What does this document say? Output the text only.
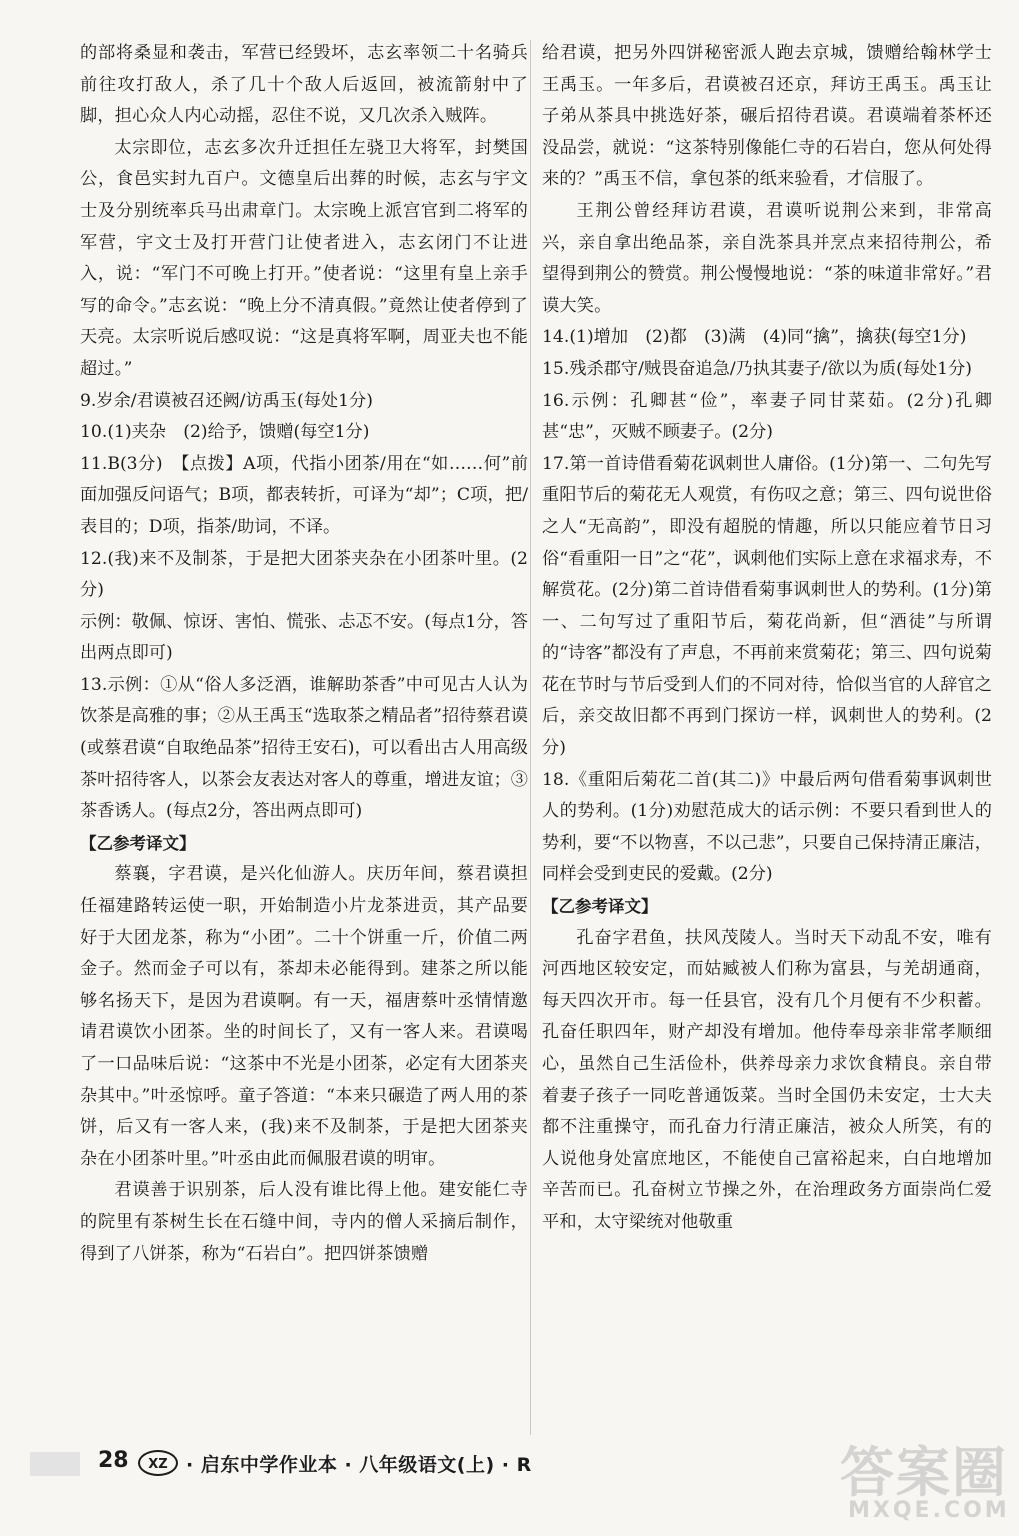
的部将桑显和袭击，军营已经毁坏，志玄率领二十名骑兵前往攻打敌人，杀了几十个敌人后返回，被流箭射中了脚，担心众人内心动摇，忍住不说，又几次杀入贼阵。

太宗即位，志玄多次升迁担任左骁卫大将军，封樊国公，食邑实封九百户。文德皇后出葬的时候，志玄与宇文士及分别统率兵马出肃章门。太宗晚上派宫官到二将军的军营，宇文士及打开营门让使者进入，志玄闭门不让进入，说：“军门不可晚上打开。”使者说：“这里有皇上亲手写的命令。”志玄说：“晚上分不清真假。”竟然让使者停到了天亮。太宗听说后感叹说：“这是真将军啊，周亚夫也不能超过。”

9.岁余/君谟被召还阙/访禹玉(每处1分)

10.(1)夹杂　(2)给予，馈赠(每空1分)

11.B(3分)　【点拨】A项，代指小团茶/用在“如……何”前面加强反问语气；B项，都表转折，可译为“却”；C项，把/表目的；D项，指茶/助词，不译。

12.(我)来不及制茶，于是把大团茶夹杂在小团茶叶里。(2分)

示例：敬佩、惊讶、害怕、慌张、忐忑不安。(每点1分，答出两点即可)

13.示例：①从“俗人多泛酒，谁解助茶香”中可见古人认为饮茶是高雅的事；②从王禹玉“选取茶之精品者”招待蔡君谟(或蔡君谟“自取绝品茶”招待王安石)，可以看出古人用高级茶叶招待客人，以茶会友表达对客人的尊重，增进友谊；③茶香诱人。(每点2分，答出两点即可)

【乙参考译文】

蔡襄，字君谟，是兴化仙游人。庆历年间，蔡君谟担任福建路转运使一职，开始制造小片龙茶进贡，其产品要好于大团龙茶，称为“小团”。二十个饼重一斤，价值二两金子。然而金子可以有，茶却未必能得到。建茶之所以能够名扬天下，是因为君谟啊。有一天，福唐蔡叶丞情情邀请君谟饮小团茶。坐的时间长了，又有一客人来。君谟喝了一口品味后说：“这茶中不光是小团茶，必定有大团茶夹杂其中。”叶丞惊呼。童子答道：“本来只碾造了两人用的茶饼，后又有一客人来，(我)来不及制茶，于是把大团茶夹杂在小团茶叶里。”叶丞由此而佩服君谟的明审。

君谟善于识别茶，后人没有谁比得上他。建安能仁寺的院里有茶树生长在石缝中间，寺内的僧人采摘后制作，得到了八饼茶，称为“石岩白”。把四饼茶馈赠

给君谟，把另外四饼秘密派人跑去京城，馈赠给翰林学士王禹玉。一年多后，君谟被召还京，拜访王禹玉。禹玉让子弟从茶具中挑选好茶，碾后招待君谟。君谟端着茶杯还没品尝，就说：“这茶特别像能仁寺的石岩白，您从何处得来的？”禹玉不信，拿包茶的纸来验看，才信服了。

王荆公曾经拜访君谟，君谟听说荆公来到，非常高兴，亲自拿出绝品茶，亲自洗茶具并烹点来招待荆公，希望得到荆公的赞赏。荆公慢慢地说：“茶的味道非常好。”君谟大笑。

14.(1)增加　(2)都　(3)满　(4)同“擒”，擒获(每空1分)

15.残杀郡守/贼畏奋追急/乃执其妻子/欲以为质(每处1分)

16.示例：孔卿甚“俭”，率妻子同甘菜茹。(2分)孔卿甚“忠”，灭贼不顾妻子。(2分)

17.第一首诗借看菊花讽刺世人庸俗。(1分)第一、二句先写重阳节后的菊花无人观赏，有伤叹之意；第三、四句说世俗之人“无高韵”，即没有超脱的情趣，所以只能应着节日习俗“看重阳一日”之“花”，讽刺他们实际上意在求福求寿，不解赏花。(2分)第二首诗借看菊事讽刺世人的势利。(1分)第一、二句写过了重阳节后，菊花尚新，但“酒徒”与所谓的“诗客”都没有了声息，不再前来赏菊花；第三、四句说菊花在节时与节后受到人们的不同对待，恰似当官的人辞官之后，亲交故旧都不再到门探访一样，讽刺世人的势利。(2分)

18.《重阳后菊花二首(其二)》中最后两句借看菊事讽刺世人的势利。(1分)劝慰范成大的话示例：不要只看到世人的势利，要“不以物喜，不以己悲”，只要自己保持清正廉洁，同样会受到吏民的爱戴。(2分)

【乙参考译文】

孔奋字君鱼，扶风茂陵人。当时天下动乱不安，唯有河西地区较安定，而姑臧被人们称为富县，与羌胡通商，每天四次开市。每一任县官，没有几个月便有不少积蓄。孔奋任职四年，财产却没有增加。他侍奉母亲非常孝顺细心，虽然自己生活俭朴，供养母亲力求饮食精良。亲自带着妻子孩子一同吃普通饭菜。当时全国仍未安定，士大夫都不注重操守，而孔奋力行清正廉洁，被众人所笑，有的人说他身处富庶地区，不能使自己富裕起来，白白地增加辛苦而已。孔奋树立节操之外，在治理政务方面崇尚仁爱平和，太守梁统对他敬重

28	XZ · 启东中学作业本 · 八年级语文(上) · R	答案圈
MXQE.COM
